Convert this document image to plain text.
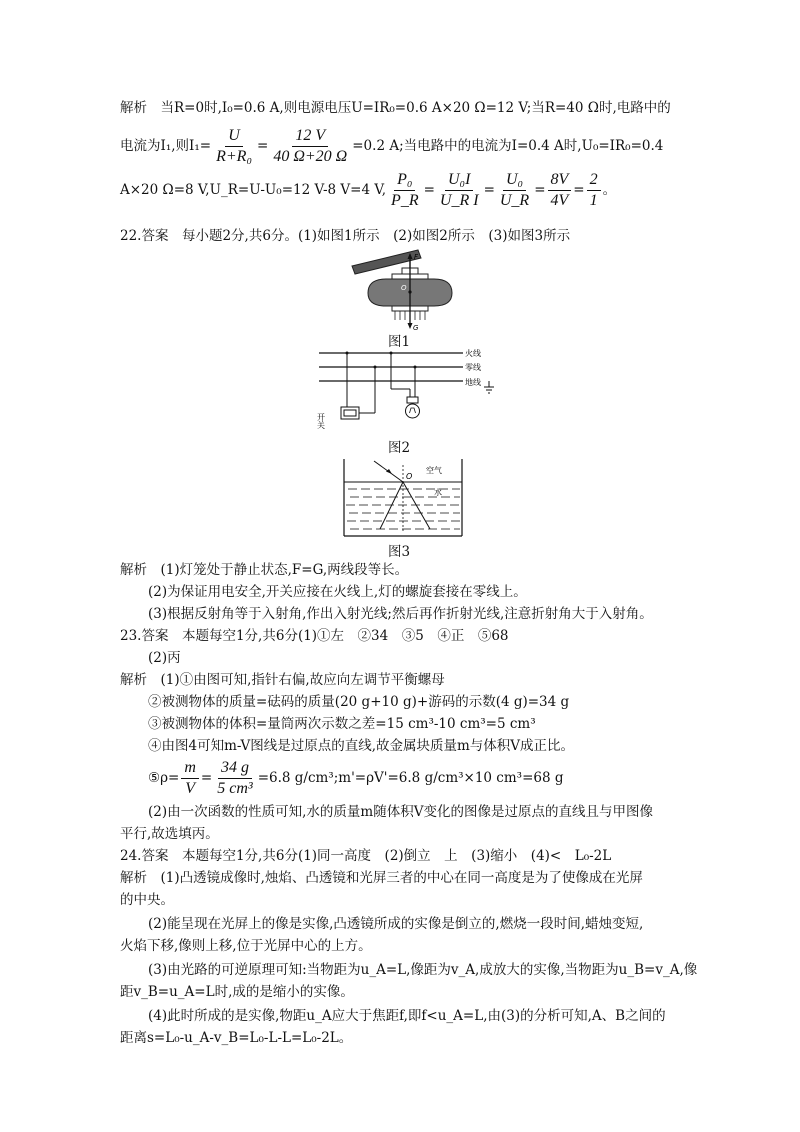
解析　当R=0时,I₀=0.6 A,则电源电压U=IR₀=0.6 A×20 Ω=12 V;当R=40 Ω时,电路中的
电流为I₁,则$I_1= \frac{U}{\text{R+R₀}} = \frac{12 V}{40 \Omega+20 \Omega} =0.2$ A;当电路中的电流为I=0.4 A时,U₀=IR₀=0.4
A×20 Ω=8 V,U_R=U-U₀=12 V-8 V=4 V, $\frac{\text{P₀}}{P\_R} = \frac{\text{U₀I}}{\text{U\_R I}} = \frac{\text{U₀}}{U\_R} = \frac{8V}{4V} = \frac{2}{1}$ 。
22.答案　每小题2分,共6分。(1)如图1所示　(2)如图2所示　(3)如图3所示
F
O
G
图1
火线
零线
地线
开关
图2
O
空气
水
图3
解析　(1)灯笼处于静止状态,F=G,两线段等长。
(2)为保证用电安全,开关应接在火线上,灯的螺旋套接在零线上。
(3)根据反射角等于入射角,作出入射光线;然后再作折射光线,注意折射角大于入射角。
23.答案　本题每空1分,共6分(1)①左　②34　③5　④正　⑤68
(2)丙
解析　(1)①由图可知,指针右偏,故应向左调节平衡螺母
②被测物体的质量=砝码的质量(20 g+10 g)+游码的示数(4 g)=34 g
③被测物体的体积=量筒两次示数之差=15 cm³-10 cm³=5 cm³
④由图4可知m-V图线是过原点的直线,故金属块质量m与体积V成正比。
⑤ρ= $\frac{m}{V} = \frac{34 g}{\text{5 cm³}} =6.8$ g/cm³;m'=ρV'=6.8 g/cm³×10 cm³=68 g
(2)由一次函数的性质可知,水的质量m随体积V变化的图像是过原点的直线且与甲图像
平行,故选填丙。
24.答案　本题每空1分,共6分(1)同一高度　(2)倒立　上　(3)缩小　(4)<　L₀-2L
解析　(1)凸透镜成像时,烛焰、凸透镜和光屏三者的中心在同一高度是为了使像成在光屏
的中央。
(2)能呈现在光屏上的像是实像,凸透镜所成的实像是倒立的,燃烧一段时间,蜡烛变短,
火焰下移,像则上移,位于光屏中心的上方。
(3)由光路的可逆原理可知:当物距为u_A=L,像距为v_A,成放大的实像,当物距为u_B=v_A,像
距v_B=u_A=L时,成的是缩小的实像。
(4)此时所成的是实像,物距u_A应大于焦距f,即f<u_A=L,由(3)的分析可知,A、B之间的
距离s=L₀-u_A-v_B=L₀-L-L=L₀-2L。
